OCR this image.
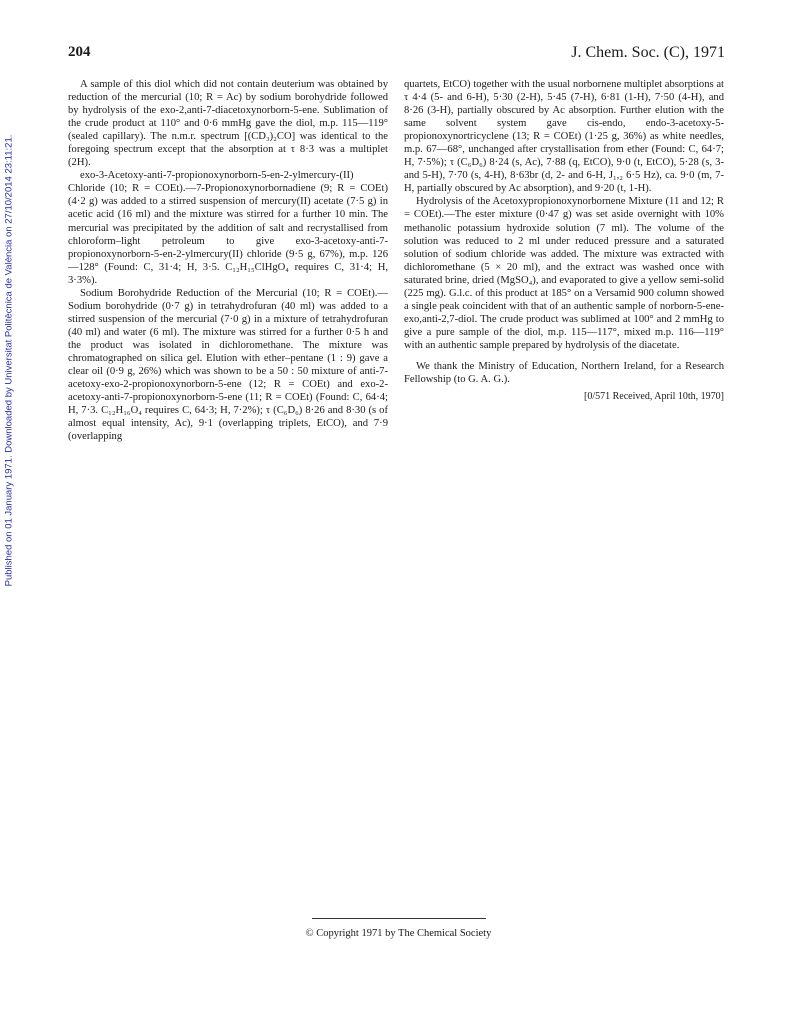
Published on 01 January 1971. Downloaded by Universitat Politècnica de València on 27/10/2014 23:11:21.
204	J. Chem. Soc. (C), 1971

A sample of this diol which did not contain deuterium was obtained by reduction of the mercurial (10; R = Ac) by sodium borohydride followed by hydrolysis of the exo-2,anti-7-diacetoxynorborn-5-ene. Sublimation of the crude product at 110° and 0·6 mmHg gave the diol, m.p. 115—119° (sealed capillary). The n.m.r. spectrum [(CD₃)₂CO] was identical to the foregoing spectrum except that the absorption at τ 8·3 was a multiplet (2H).

exo-3-Acetoxy-anti-7-propionoxynorborn-5-en-2-ylmercury-(II) Chloride (10; R = COEt).—7-Propionoxynorbornadiene (9; R = COEt) (4·2 g) was added to a stirred suspension of mercury(II) acetate (7·5 g) in acetic acid (16 ml) and the mixture was stirred for a further 10 min. The mercurial was precipitated by the addition of salt and recrystallised from chloroform–light petroleum to give exo-3-acetoxy-anti-7-propionoxynorborn-5-en-2-ylmercury(II) chloride (9·5 g, 67%), m.p. 126—128° (Found: C, 31·4; H, 3·5. C₁₂H₁₅ClHgO₄ requires C, 31·4; H, 3·3%).

Sodium Borohydride Reduction of the Mercurial (10; R = COEt).—Sodium borohydride (0·7 g) in tetrahydrofuran (40 ml) was added to a stirred suspension of the mercurial (7·0 g) in a mixture of tetrahydrofuran (40 ml) and water (6 ml). The mixture was stirred for a further 0·5 h and the product was isolated in dichloromethane. The mixture was chromatographed on silica gel. Elution with ether–pentane (1 : 9) gave a clear oil (0·9 g, 26%) which was shown to be a 50 : 50 mixture of anti-7-acetoxy-exo-2-propionoxynorborn-5-ene (12; R = COEt) and exo-2-acetoxy-anti-7-propionoxynorborn-5-ene (11; R = COEt) (Found: C, 64·4; H, 7·3. C₁₂H₁₆O₄ requires C, 64·3; H, 7·2%); τ (C₆D₆) 8·26 and 8·30 (s of almost equal intensity, Ac), 9·1 (overlapping triplets, EtCO), and 7·9 (overlapping

quartets, EtCO) together with the usual norbornene multiplet absorptions at τ 4·4 (5- and 6-H), 5·30 (2-H), 5·45 (7-H), 6·81 (1-H), 7·50 (4-H), and 8·26 (3-H), partially obscured by Ac absorption. Further elution with the same solvent system gave cis-endo, endo-3-acetoxy-5-propionoxynortricyclene (13; R = COEt) (1·25 g, 36%) as white needles, m.p. 67—68°, unchanged after crystallisation from ether (Found: C, 64·7; H, 7·5%); τ (C₆D₆) 8·24 (s, Ac), 7·88 (q, EtCO), 9·0 (t, EtCO), 5·28 (s, 3- and 5-H), 7·70 (s, 4-H), 8·63br (d, 2- and 6-H, J₁,₂ 6·5 Hz), ca. 9·0 (m, 7-H, partially obscured by Ac absorption), and 9·20 (t, 1-H).

Hydrolysis of the Acetoxypropionoxynorbornene Mixture (11 and 12; R = COEt).—The ester mixture (0·47 g) was set aside overnight with 10% methanolic potassium hydroxide solution (7 ml). The volume of the solution was reduced to 2 ml under reduced pressure and a saturated solution of sodium chloride was added. The mixture was extracted with dichloromethane (5 × 20 ml), and the extract was washed once with saturated brine, dried (MgSO₄), and evaporated to give a yellow semi-solid (225 mg). G.l.c. of this product at 185° on a Versamid 900 column showed a single peak coincident with that of an authentic sample of norborn-5-ene-exo,anti-2,7-diol. The crude product was sublimed at 100° and 2 mmHg to give a pure sample of the diol, m.p. 115—117°, mixed m.p. 116—119° with an authentic sample prepared by hydrolysis of the diacetate.

We thank the Ministry of Education, Northern Ireland, for a Research Fellowship (to G. A. G.).

[0/571 Received, April 10th, 1970]

© Copyright 1971 by The Chemical Society
